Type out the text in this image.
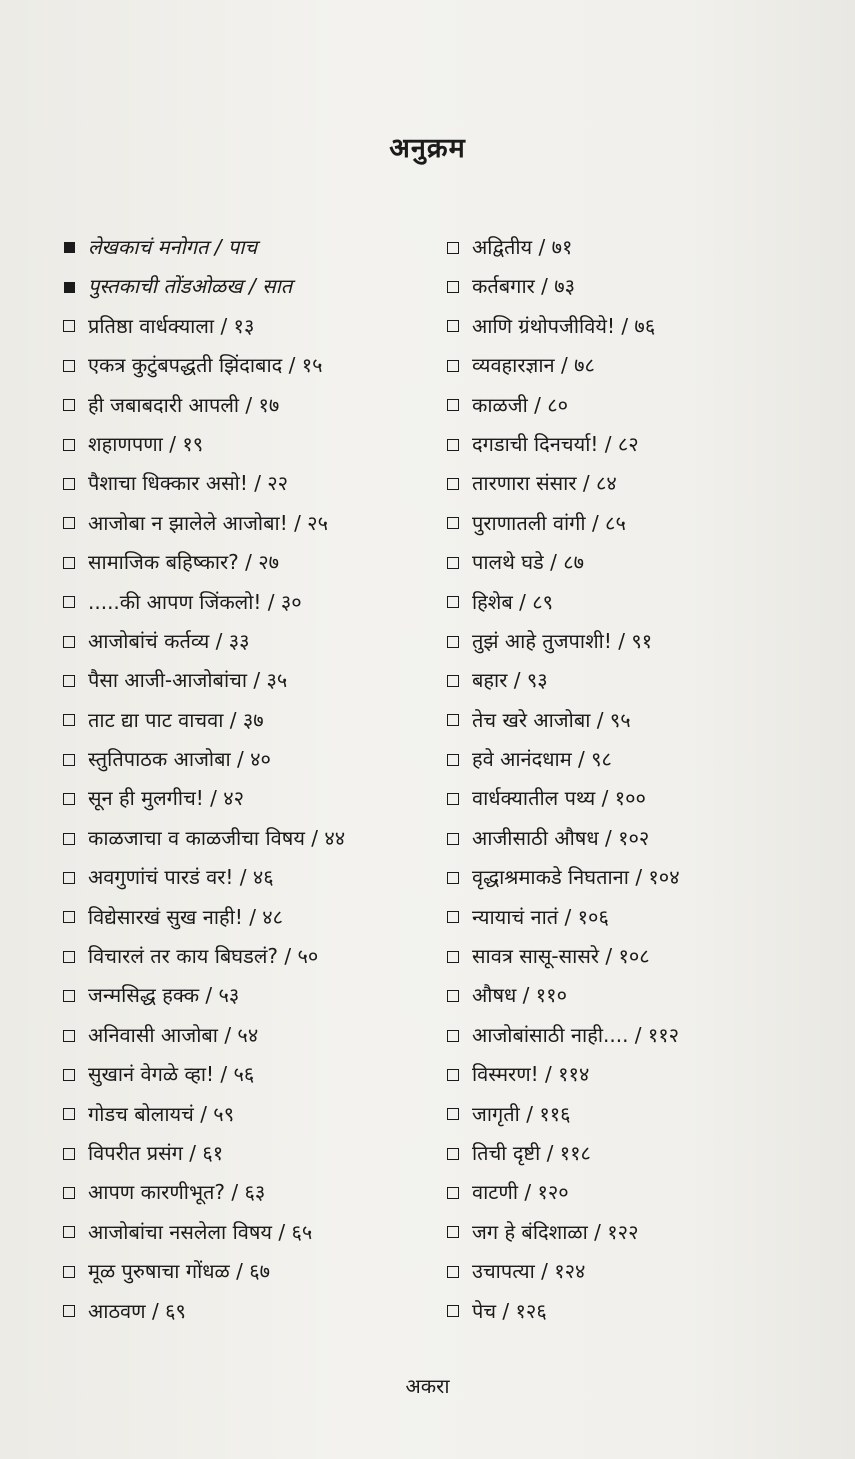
अनुक्रम
लेखकाचं मनोगत / पाच
पुस्तकाची तोंडओळख / सात
प्रतिष्ठा वार्धक्याला / १३
एकत्र कुटुंबपद्धती झिंदाबाद / १५
ही जबाबदारी आपली / १७
शहाणपणा / १९
पैशाचा धिक्कार असो! / २२
आजोबा न झालेले आजोबा! / २५
सामाजिक बहिष्कार? / २७
.....की आपण जिंकलो! / ३०
आजोबांचं कर्तव्य / ३३
पैसा आजी-आजोबांचा / ३५
ताट द्या पाट वाचवा / ३७
स्तुतिपाठक आजोबा / ४०
सून ही मुलगीच! / ४२
काळजाचा व काळजीचा विषय / ४४
अवगुणांचं पारडं वर! / ४६
विद्येसारखं सुख नाही! / ४८
विचारलं तर काय बिघडलं? / ५०
जन्मसिद्ध हक्क / ५३
अनिवासी आजोबा / ५४
सुखानं वेगळे व्हा! / ५६
गोडच बोलायचं / ५९
विपरीत प्रसंग / ६१
आपण कारणीभूत? / ६३
आजोबांचा नसलेला विषय / ६५
मूळ पुरुषाचा गोंधळ / ६७
आठवण / ६९
अद्वितीय / ७१
कर्तबगार / ७३
आणि ग्रंथोपजीविये! / ७६
व्यवहारज्ञान / ७८
काळजी / ८०
दगडाची दिनचर्या! / ८२
तारणारा संसार / ८४
पुराणातली वांगी / ८५
पालथे घडे / ८७
हिशेब / ८९
तुझं आहे तुजपाशी! / ९१
बहार / ९३
तेच खरे आजोबा / ९५
हवे आनंदधाम / ९८
वार्धक्यातील पथ्य / १००
आजीसाठी औषध / १०२
वृद्धाश्रमाकडे निघताना / १०४
न्यायाचं नातं / १०६
सावत्र सासू-सासरे / १०८
औषध / ११०
आजोबांसाठी नाही.... / ११२
विस्मरण! / ११४
जागृती / ११६
तिची दृष्टी / ११८
वाटणी / १२०
जग हे बंदिशाळा / १२२
उचापत्या / १२४
पेच / १२६
अकरा
